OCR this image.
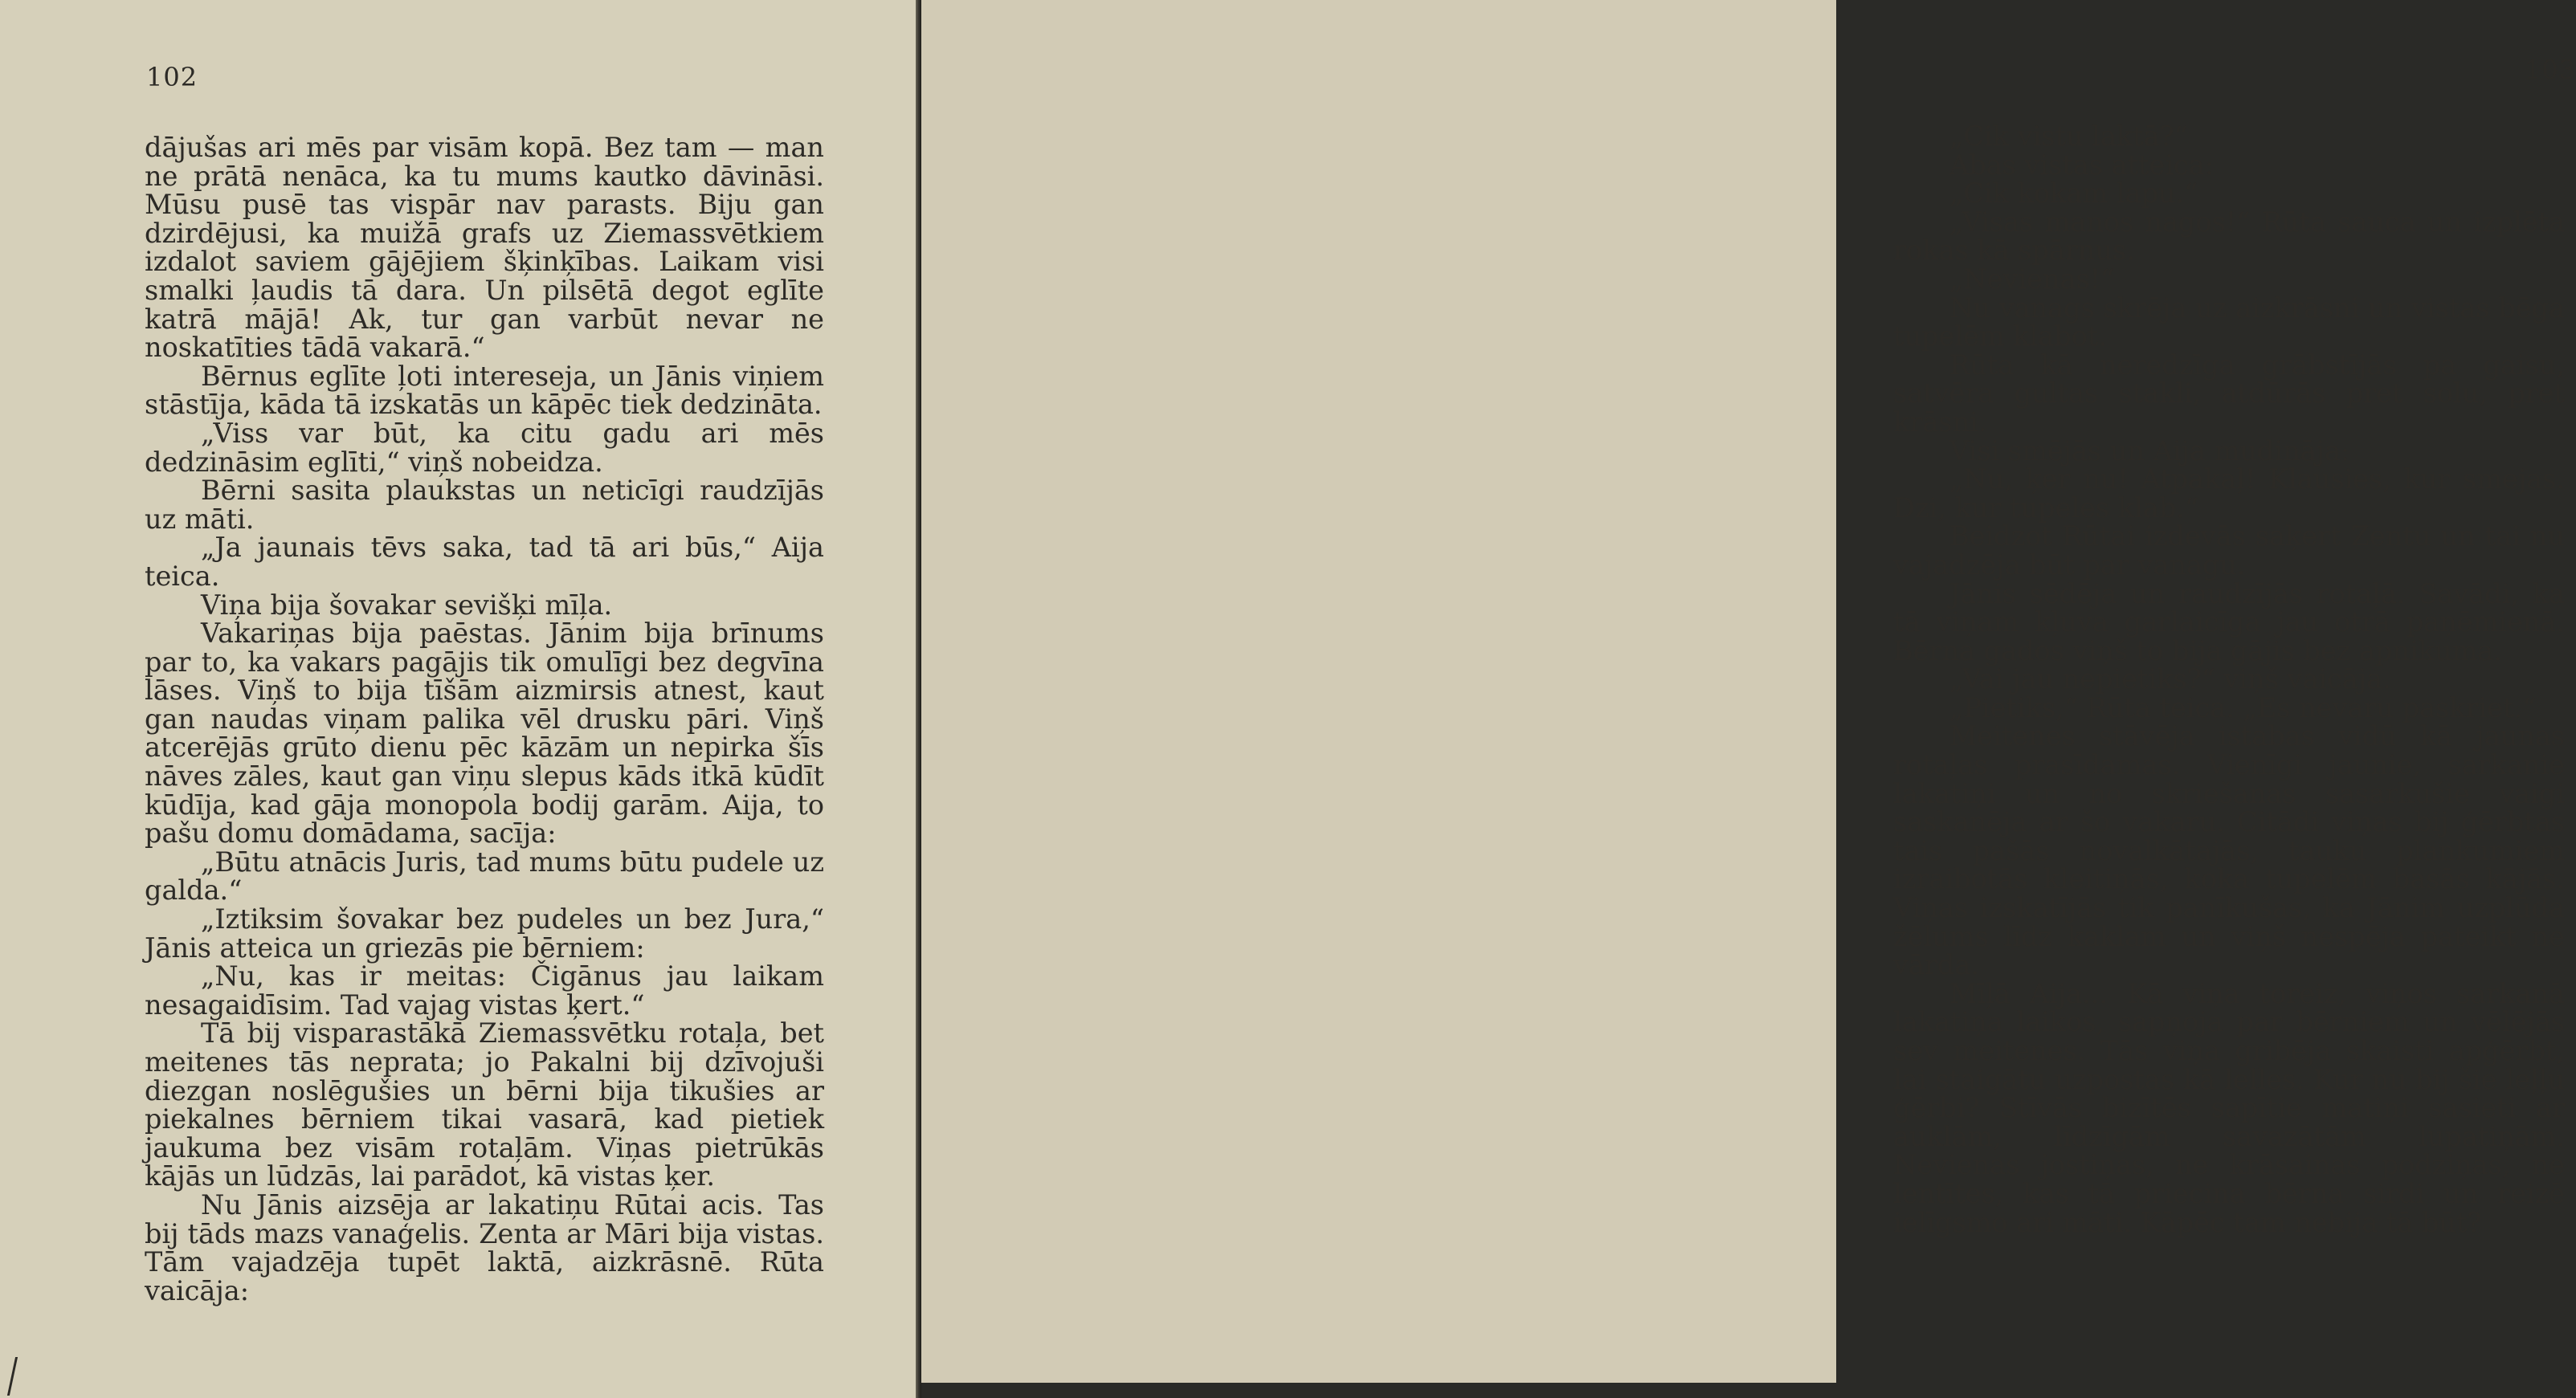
102

dājušas ari mēs par visām kopā. Bez tam — man ne prātā nenāca, ka tu mums kautko dāvināsi. Mūsu pusē tas vispār nav parasts. Biju gan dzirdējusi, ka muižā grafs uz Ziemassvētkiem izdalot saviem gājējiem šķinķības. Laikam visi smalki ļaudis tā dara. Un pilsētā degot eglīte katrā mājā! Ak, tur gan varbūt nevar ne noskatīties tādā vakarā.“

Bērnus eglīte ļoti intereseja, un Jānis viņiem stāstīja, kāda tā izskatās un kāpēc tiek dedzināta.

„Viss var būt, ka citu gadu ari mēs dedzināsim eglīti,“ viņš nobeidza.

Bērni sasita plaukstas un neticīgi raudzījās uz māti.

„Ja jaunais tēvs saka, tad tā ari būs,“ Aija teica.

Viņa bija šovakar sevišķi mīļa.

Vakariņas bija paēstas. Jānim bija brīnums par to, ka vakars pagājis tik omulīgi bez degvīna lāses. Viņš to bija tīšām aizmirsis atnest, kaut gan naudas viņam palika vēl drusku pāri. Viņš atcerējās grūto dienu pēc kāzām un nepirka šīs nāves zāles, kaut gan viņu slepus kāds itkā kūdīt kūdīja, kad gāja monopola bodij garām. Aija, to pašu domu domādama, sacīja:

„Būtu atnācis Juris, tad mums būtu pudele uz galda.“

„Iztiksim šovakar bez pudeles un bez Jura,“ Jānis atteica un griezās pie bērniem:

„Nu, kas ir meitas: Čigānus jau laikam nesagaidīsim. Tad vajag vistas ķert.“

Tā bij visparastākā Ziemassvētku rotaļa, bet meitenes tās neprata; jo Pakalni bij dzīvojuši diezgan noslēgušies un bērni bija tikušies ar piekalnes bērniem tikai vasarā, kad pietiek jaukuma bez visām rotaļām. Viņas pietrūkās kājās un lūdzās, lai parādot, kā vistas ķer.

Nu Jānis aizsēja ar lakatiņu Rūtai acis. Tas bij tāds mazs vanaģelis. Zenta ar Māri bija vistas. Tām vajadzēja tupēt laktā, aizkrāsnē. Rūta vaicāja:

103

„Cik vistu laktā?“

Abas vistas atteica:

„Cik kokam lapu.“

„Visas manos nagos!“ Rūta sauca un izplēta rokas kā spārnus.

„Nevienas!“

Nu vanags skrēja uz aizkrāsni un vistas bēga tupelēm klabot.

Rūta kā neredzīga grābstījās pa gaisu, satvēra gultas stakli, atdūrās pret solu, pret krāsni.

Visi smējās un Aija mudināja:

„Nu, ķer nu! Atpakaļ! Klausies, kur smejas. Dzi, kur tupeles klab.“

Beidzot Rūtai izdevās saķert Zentu un tai nu vajadzēja būt par vanagu.

Jānis sēdēja un raudzījās rotaļā. Savādi, ka tā viņam kļuva garlaicīga jau otrā paņēmienā. Bērna gados viņš to bija gājis bez apnikuma.

„Vai jau nepietiks?“ viņš vaicāja.

„Pietiks,“ Rūta teica. „Es nevaru paskriet.“

Meitenes stāvēja istabas vidū kā jaunas rotaļas prasīdamas. Vienīgi jaunie, sarkanie lakatiņi un no skriešanas sasarkušie vaigi saskanēja ar šo vakaru. Citādi viņas bij ģērbtas tais pašās novalkātajās, tauku plankumiem izraibotās kleitiņās, koka tupelēm basās kājās. Viņas izskatījās tik panīkušas, ka Jānim uzplūda žēlums līdz kaklam un viņš nespēja pateikt ne vārda.

Mīļā Aija... Kā viņa toreiz, viņos sarkanā lakatiņa laikos, sapņoja par bērniem un vēlējās sev meitenes. Tās viņa gribēja skaisti apģērbt, lai staigātu uzpostas kā lelles. Kur nu bij šie leļļu ģērbi? Stīvās bizītēs sapītie matiņi sasieti ar auklām, līdzīgām savazātām lupatiņām. Nevienas jostiņas, ne krāsainas podziņas, ne lentītes, kas tā priecina bērna sirdi un reizē ielīgsmo ari māti. Kāpēc tam nebija tā būt?
